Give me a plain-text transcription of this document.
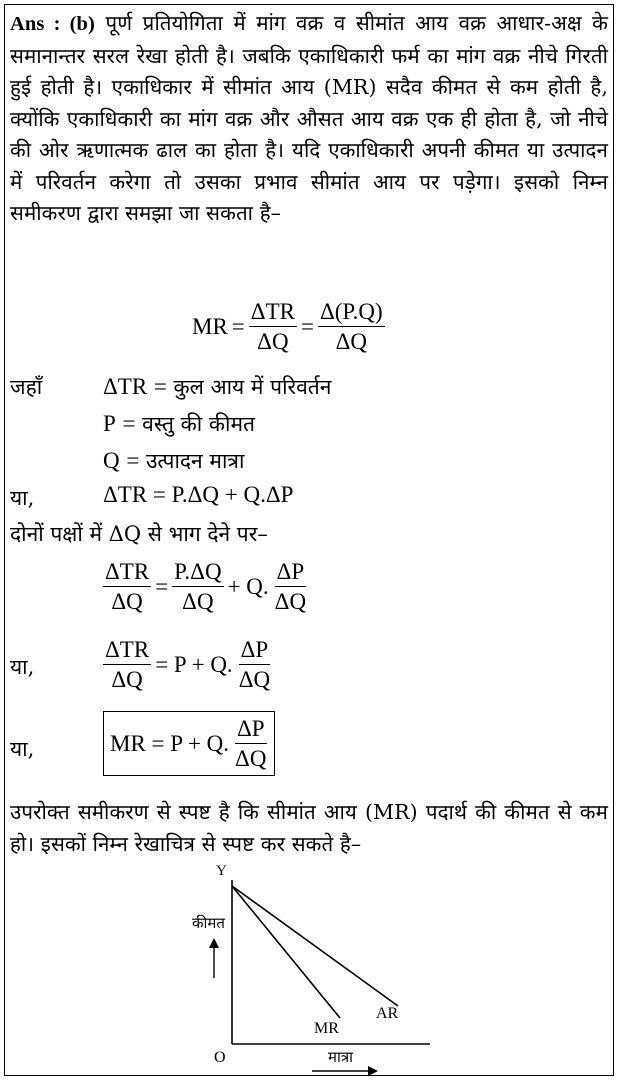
Ans : (b) पूर्ण प्रतियोगिता में मांग वक्र व सीमांत आय वक्र आधार-अक्ष के समानान्तर सरल रेखा होती है। जबकि एकाधिकारी फर्म का मांग वक्र नीचे गिरती हुई होती है। एकाधिकार में सीमांत आय (MR) सदैव कीमत से कम होती है, क्योंकि एकाधिकारी का मांग वक्र और औसत आय वक्र एक ही होता है, जो नीचे की ओर ऋणात्मक ढाल का होता है। यदि एकाधिकारी अपनी कीमत या उत्पादन में परिवर्तन करेगा तो उसका प्रभाव सीमांत आय पर पड़ेगा। इसको निम्न समीकरण द्वारा समझा जा सकता है–
MR = $\frac{\text{ΔTR}}{\Delta Q} = \frac{\Delta(P.Q)}{\Delta Q}$
जहाँ	ΔTR = कुल आय में परिवर्तन
P = वस्तु की कीमत
Q = उत्पादन मात्रा
या,	ΔTR = P.ΔQ + Q.ΔP
दोनों पक्षों में ΔQ से भाग देने पर–
$\frac{\text{ΔTR}}{\Delta Q} = \frac{P.\Delta Q}{\Delta Q} + Q$. $\frac{\Delta P}{\Delta Q}$
या,	$\frac{\text{ΔTR}}{\Delta Q} = P + Q$. $\frac{\Delta P}{\Delta Q}$
या,	MR = P + Q. $\frac{\Delta P}{\Delta Q}$
उपरोक्त समीकरण से स्पष्ट है कि सीमांत आय (MR) पदार्थ की कीमत से कम हो। इसकों निम्न रेखाचित्र से स्पष्ट कर सकते है–
Y
O
कीमत
MR
AR
मात्रा
